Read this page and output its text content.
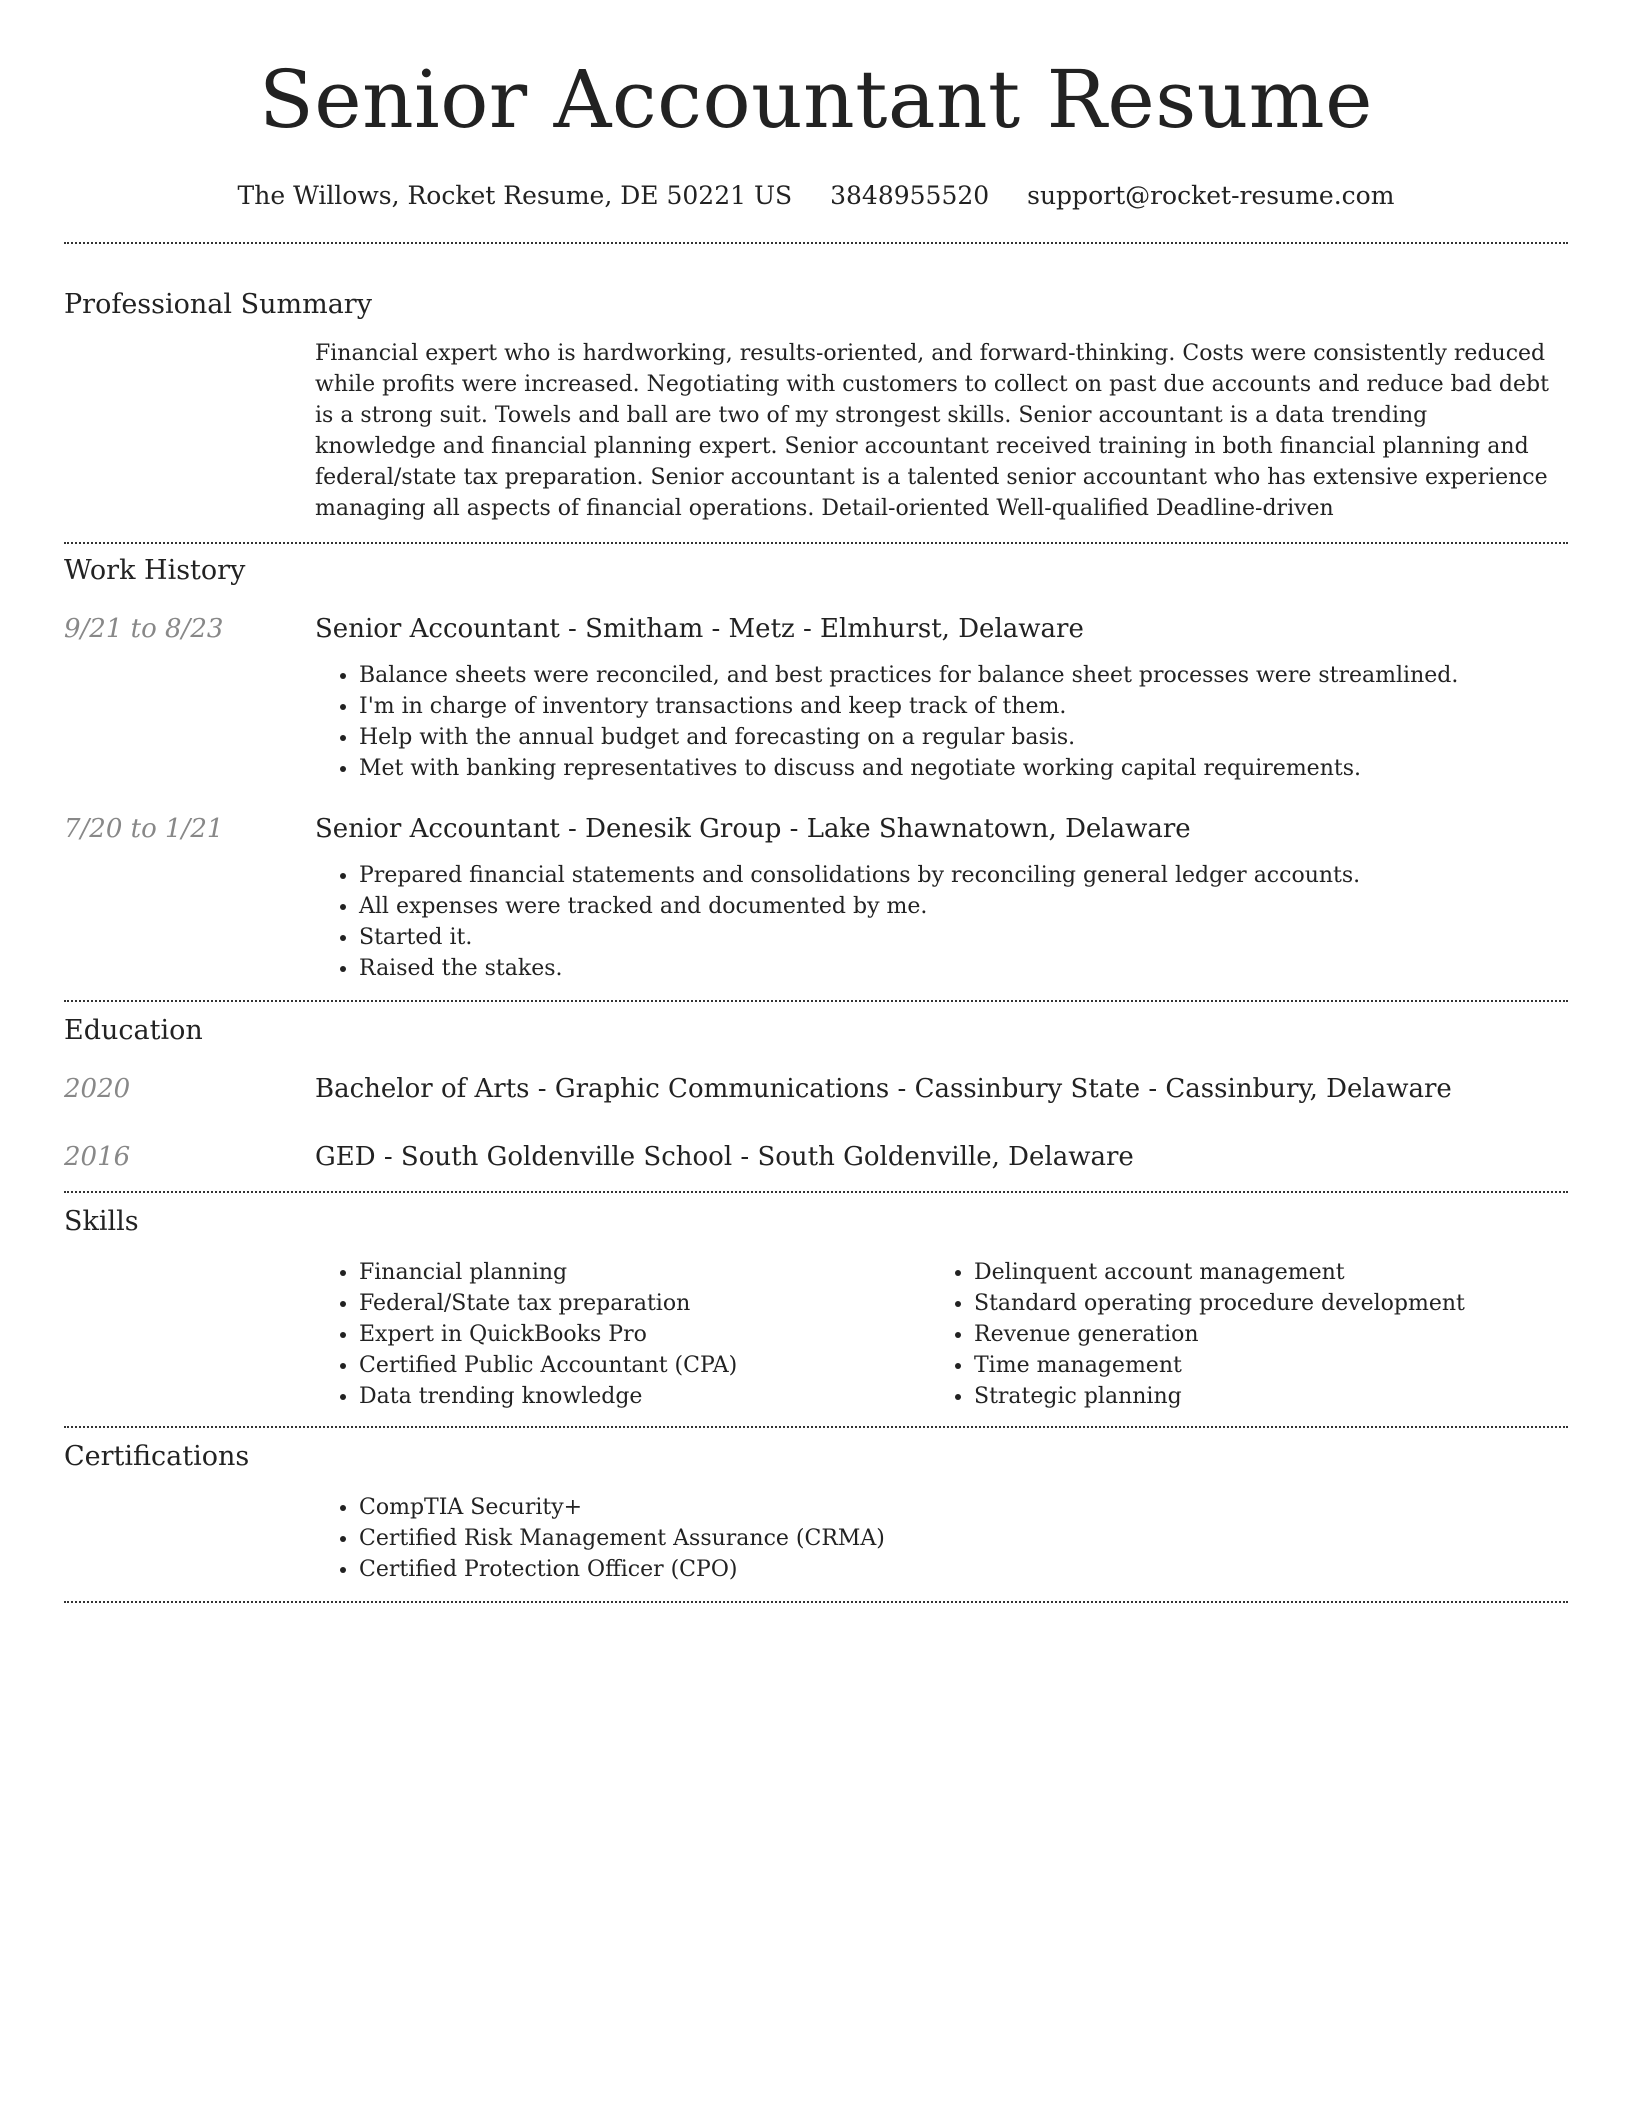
Senior Accountant Resume
The Willows, Rocket Resume, DE 50221 US 3848955520 support@rocket-resume.com
Professional Summary
Financial expert who is hardworking, results-oriented, and forward-thinking. Costs were consistently reduced while profits were increased. Negotiating with customers to collect on past due accounts and reduce bad debt is a strong suit. Towels and ball are two of my strongest skills. Senior accountant is a data trending knowledge and financial planning expert. Senior accountant received training in both financial planning and federal/state tax preparation. Senior accountant is a talented senior accountant who has extensive experience managing all aspects of financial operations. Detail-oriented Well-qualified Deadline-driven
Work History
9/21 to 8/23	Senior Accountant - Smitham - Metz - Elmhurst, Delaware
• Balance sheets were reconciled, and best practices for balance sheet processes were streamlined.
• I'm in charge of inventory transactions and keep track of them.
• Help with the annual budget and forecasting on a regular basis.
• Met with banking representatives to discuss and negotiate working capital requirements.
7/20 to 1/21	Senior Accountant - Denesik Group - Lake Shawnatown, Delaware
• Prepared financial statements and consolidations by reconciling general ledger accounts.
• All expenses were tracked and documented by me.
• Started it.
• Raised the stakes.
Education
2020	Bachelor of Arts - Graphic Communications - Cassinbury State - Cassinbury, Delaware
2016	GED - South Goldenville School - South Goldenville, Delaware
Skills
• Financial planning
• Federal/State tax preparation
• Expert in QuickBooks Pro
• Certified Public Accountant (CPA)
• Data trending knowledge
• Delinquent account management
• Standard operating procedure development
• Revenue generation
• Time management
• Strategic planning
Certifications
• CompTIA Security+
• Certified Risk Management Assurance (CRMA)
• Certified Protection Officer (CPO)
